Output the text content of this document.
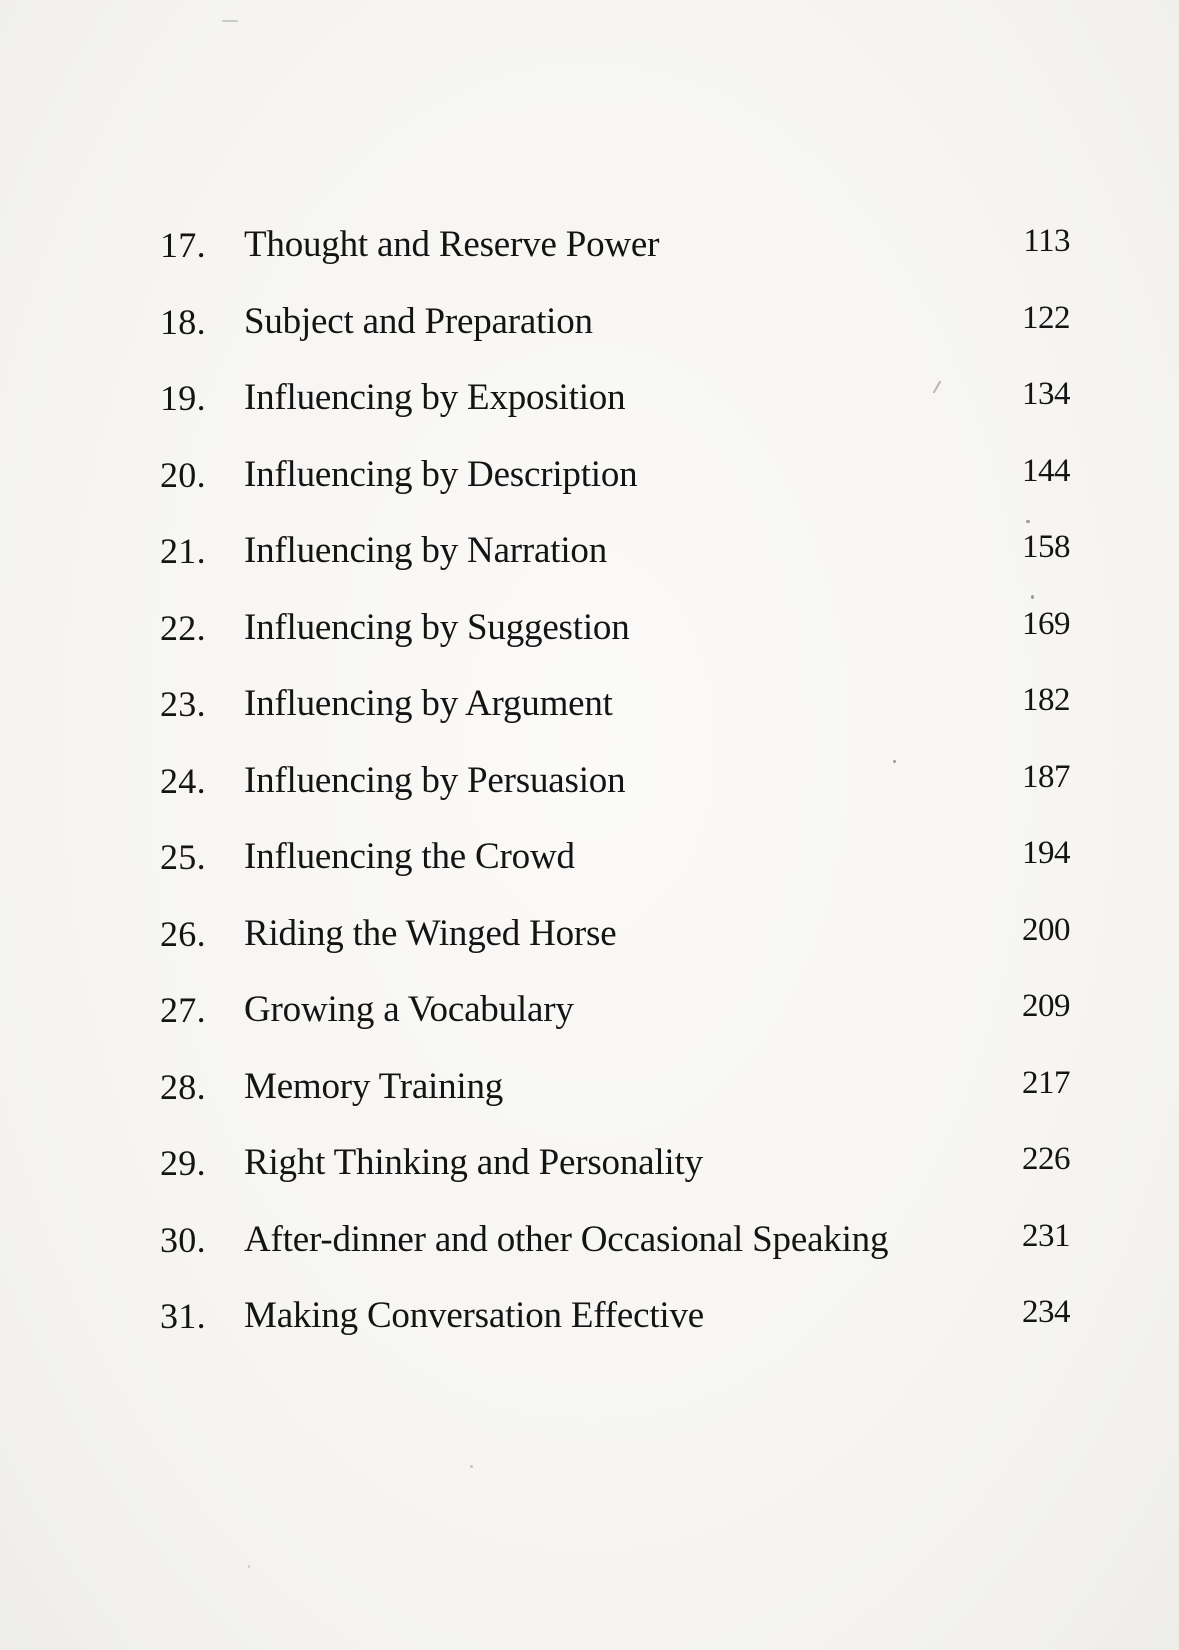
17.	Thought and Reserve Power	113
18.	Subject and Preparation	122
19.	Influencing by Exposition	134
20.	Influencing by Description	144
21.	Influencing by Narration	158
22.	Influencing by Suggestion	169
23.	Influencing by Argument	182
24.	Influencing by Persuasion	187
25.	Influencing the Crowd	194
26.	Riding the Winged Horse	200
27.	Growing a Vocabulary	209
28.	Memory Training	217
29.	Right Thinking and Personality	226
30.	After-dinner and other Occasional Speaking	231
31.	Making Conversation Effective	234
